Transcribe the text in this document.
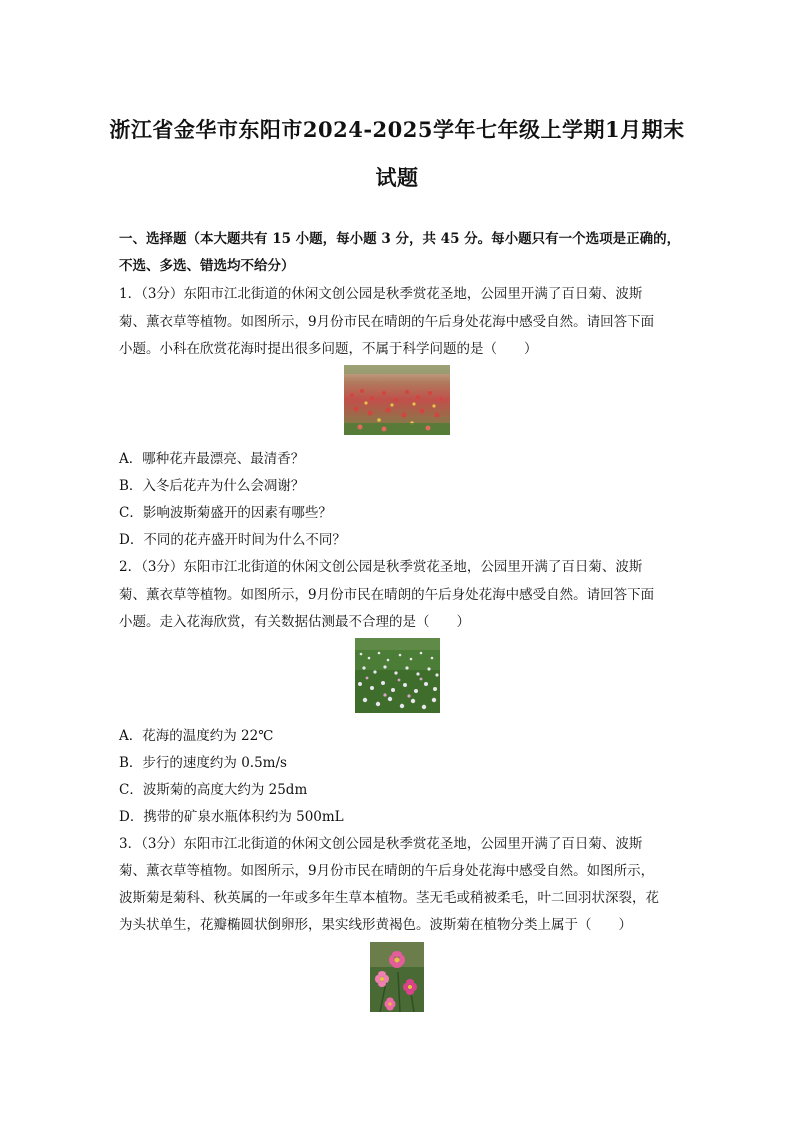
浙江省金华市东阳市2024-2025学年七年级上学期1月期末
试题
一、选择题（本大题共有 15 小题，每小题 3 分，共 45 分。每小题只有一个选项是正确的，
不选、多选、错选均不给分）
1．（3分）东阳市江北街道的休闲文创公园是秋季赏花圣地，公园里开满了百日菊、波斯
菊、薰衣草等植物。如图所示，9月份市民在晴朗的午后身处花海中感受自然。请回答下面
小题。小科在欣赏花海时提出很多问题，不属于科学问题的是（　　）
A．哪种花卉最漂亮、最清香？
B．入冬后花卉为什么会凋谢？
C．影响波斯菊盛开的因素有哪些？
D．不同的花卉盛开时间为什么不同？
2．（3分）东阳市江北街道的休闲文创公园是秋季赏花圣地，公园里开满了百日菊、波斯
菊、薰衣草等植物。如图所示，9月份市民在晴朗的午后身处花海中感受自然。请回答下面
小题。走入花海欣赏，有关数据估测最不合理的是（　　）
A．花海的温度约为 22℃
B．步行的速度约为 0.5m/s
C．波斯菊的高度大约为 25dm
D．携带的矿泉水瓶体积约为 500mL
3．（3分）东阳市江北街道的休闲文创公园是秋季赏花圣地，公园里开满了百日菊、波斯
菊、薰衣草等植物。如图所示，9月份市民在晴朗的午后身处花海中感受自然。如图所示，
波斯菊是菊科、秋英属的一年或多年生草本植物。茎无毛或稍被柔毛，叶二回羽状深裂，花
为头状单生，花瓣椭圆状倒卵形，果实线形黄褐色。波斯菊在植物分类上属于（　　）
